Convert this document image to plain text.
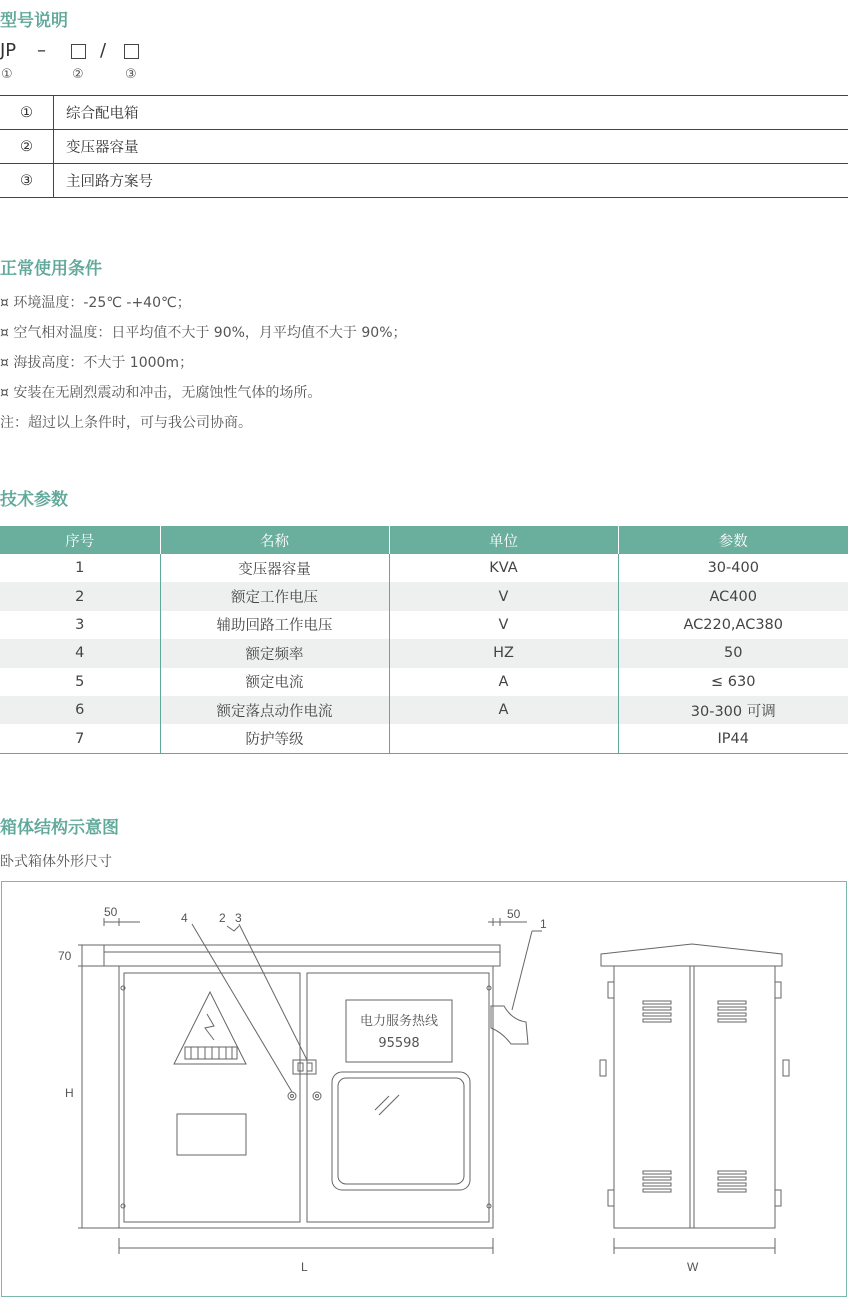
型号说明
JP –	/
①	②	③
①	综合配电箱
②	变压器容量
③	主回路方案号
正常使用条件
¤ 环境温度：-25℃ -+40℃；
¤ 空气相对温度：日平均值不大于 90%，月平均值不大于 90%；
¤ 海拔高度：不大于 1000m；
¤ 安装在无剧烈震动和冲击，无腐蚀性气体的场所。
注：超过以上条件时，可与我公司协商。
技术参数
序号	名称	单位	参数
1	变压器容量	KVA	30-400
2	额定工作电压	V	AC400
3	辅助回路工作电压	V	AC220,AC380
4	额定频率	HZ	50
5	额定电流	A	≤ 630
6	额定落点动作电流	A	30-300 可调
7	防护等级		IP44
箱体结构示意图
卧式箱体外形尺寸
50	50
70
H
L	W
1
2 3
4
电力服务热线
95598
